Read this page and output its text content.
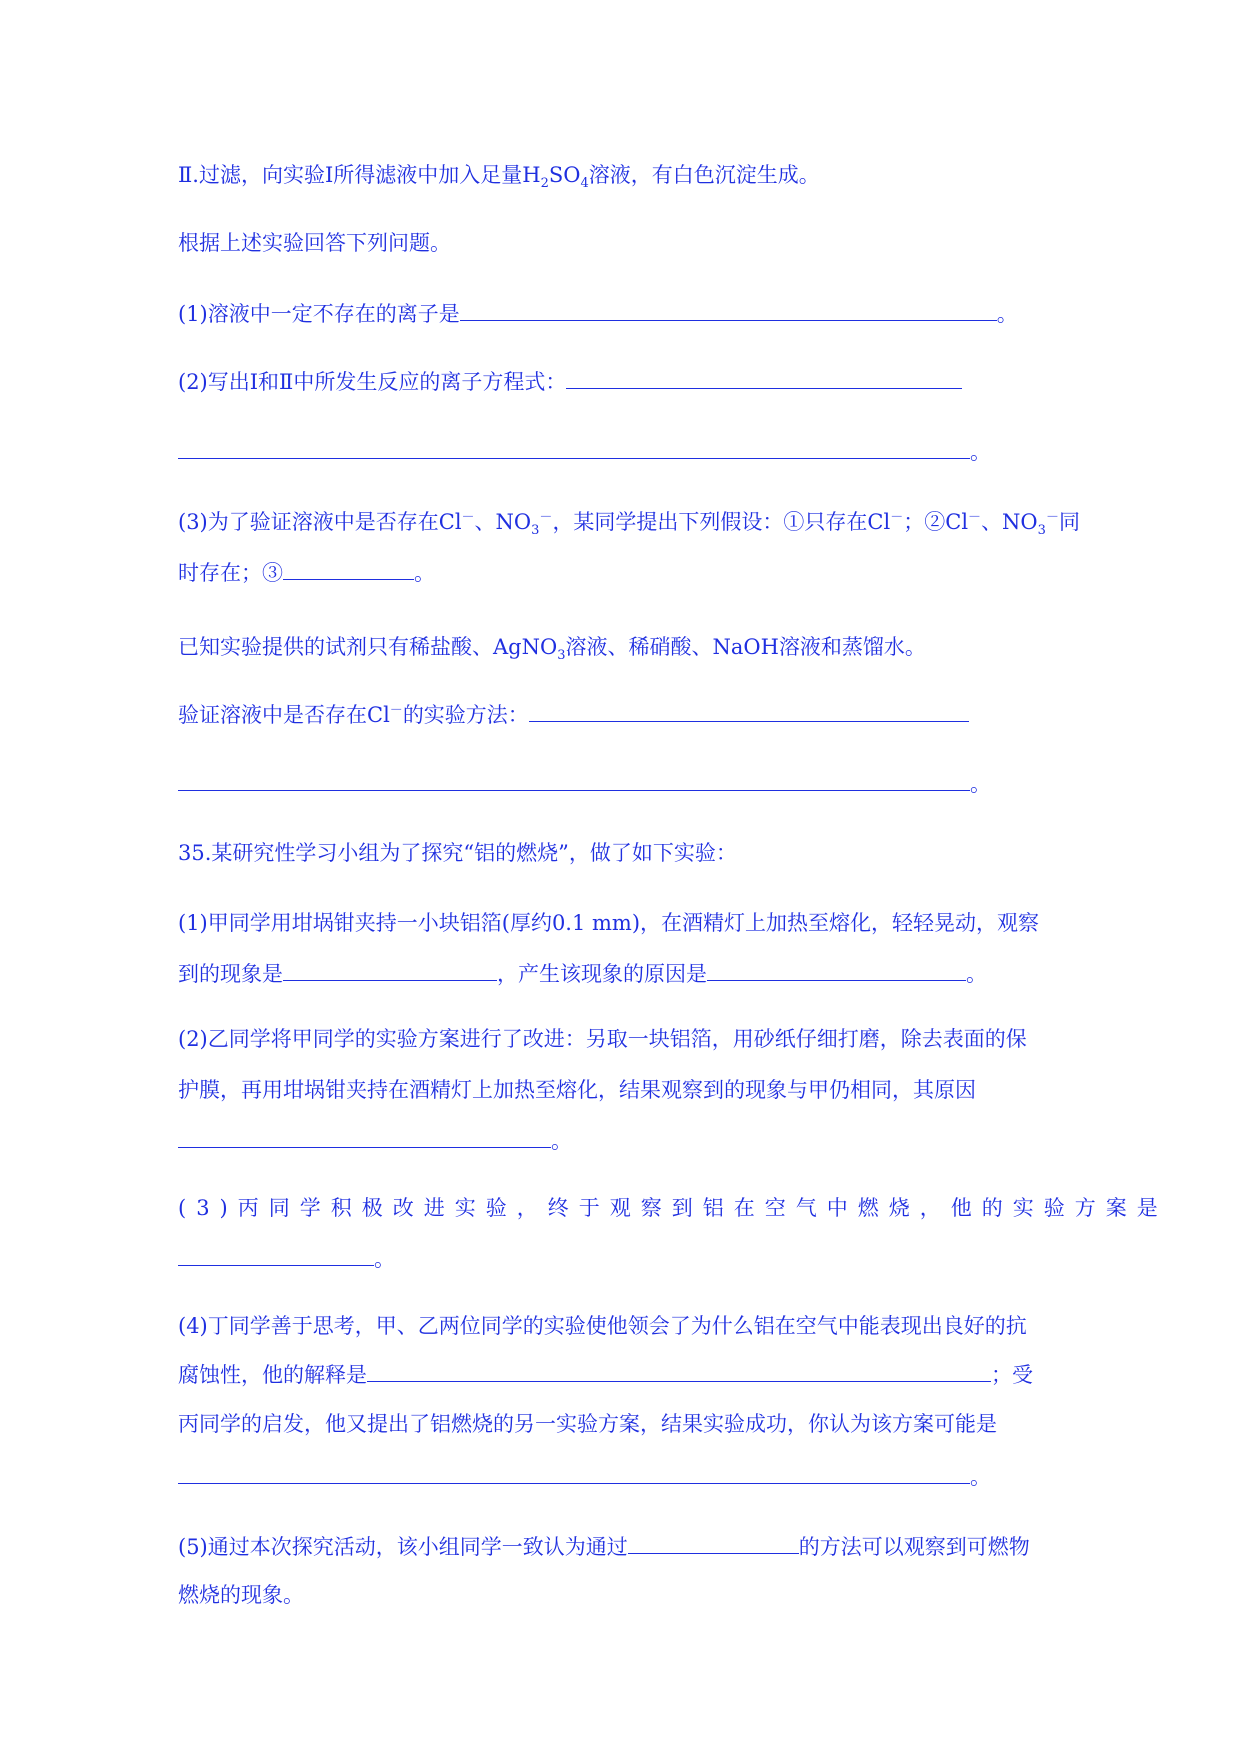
Ⅱ.过滤，向实验Ⅰ所得滤液中加入足量$H_2SO_4$溶液，有白色沉淀生成。
根据上述实验回答下列问题。
(1)溶液中一定不存在的离子是	。
(2)写出Ⅰ和Ⅱ中所发生反应的离子方程式：
。
(3)为了验证溶液中是否存在Cl－、$NO_3^-$，某同学提出下列假设：①只存在Cl－；②Cl－、$NO_3^-$同
时存在；③	。
已知实验提供的试剂只有稀盐酸、AgNO$_3$溶液、稀硝酸、NaOH溶液和蒸馏水。
验证溶液中是否存在Cl－的实验方法：
。
35.某研究性学习小组为了探究“铝的燃烧”，做了如下实验：
(1)甲同学用坩埚钳夹持一小块铝箔(厚约0.1 mm)，在酒精灯上加热至熔化，轻轻晃动，观察
到的现象是	，产生该现象的原因是	。
(2)乙同学将甲同学的实验方案进行了改进：另取一块铝箔，用砂纸仔细打磨，除去表面的保
护膜，再用坩埚钳夹持在酒精灯上加热至熔化，结果观察到的现象与甲仍相同，其原因
。
(3)丙同学积极改进实验，终于观察到铝在空气中燃烧，他的实验方案是
。
(4)丁同学善于思考，甲、乙两位同学的实验使他领会了为什么铝在空气中能表现出良好的抗
腐蚀性，他的解释是	；受
丙同学的启发，他又提出了铝燃烧的另一实验方案，结果实验成功，你认为该方案可能是
。
(5)通过本次探究活动，该小组同学一致认为通过	的方法可以观察到可燃物
燃烧的现象。
